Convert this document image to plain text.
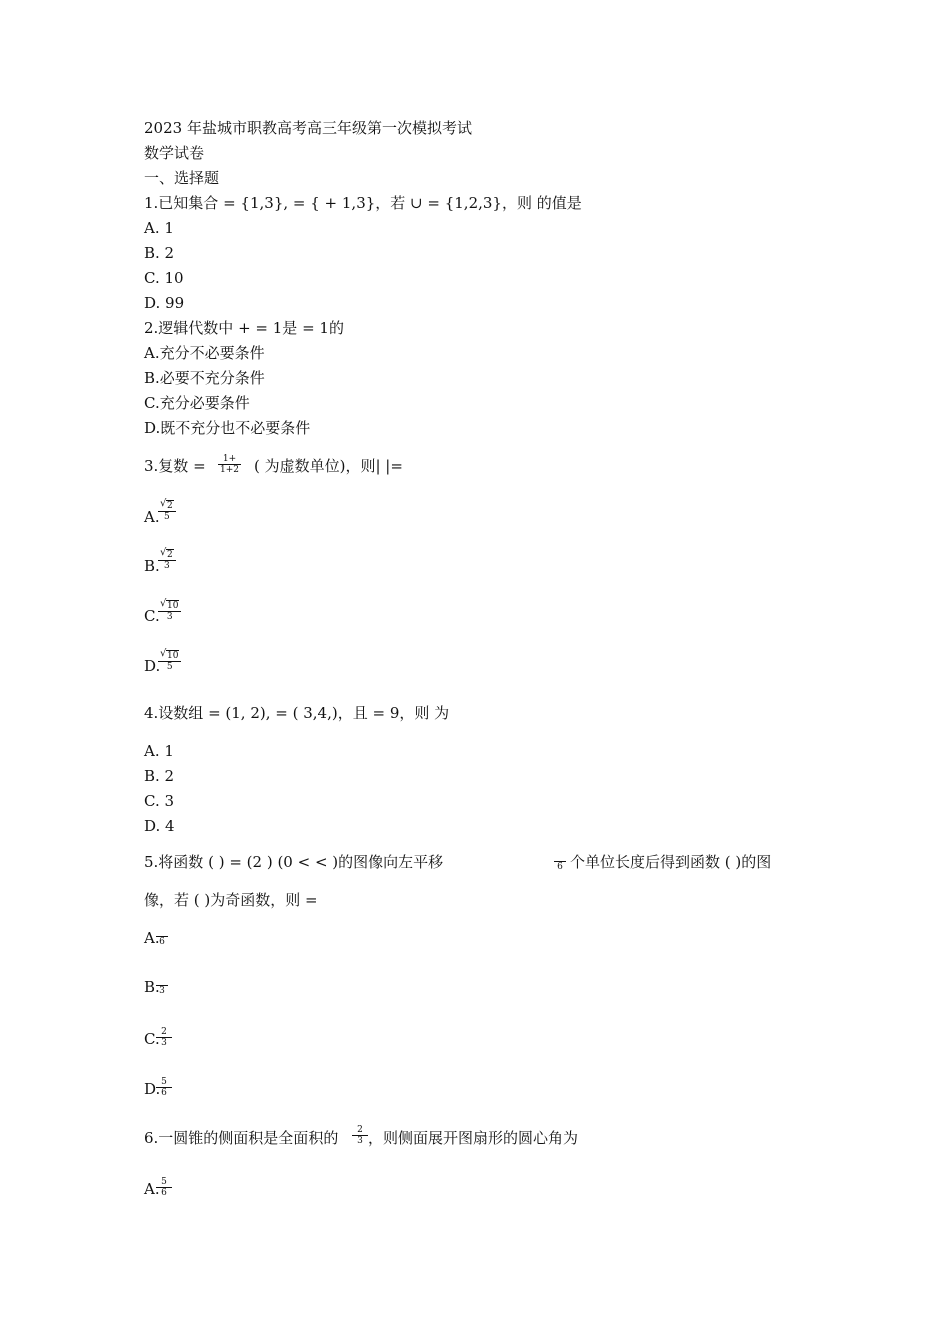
2023 年盐城市职教高考高三年级第一次模拟考试
数学试卷
一、选择题
1.已知集合 = {1,3}, = { + 1,3}，若 ∪ = {1,2,3}，则 的值是
A. 1
B. 2
C. 10
D. 99
2.逻辑代数中 + = 1是 = 1的
A.充分不必要条件
B.必要不充分条件
C.充分必要条件
D.既不充分也不必要条件
3.复数 = $\frac{1+}{1+2}$ ( 为虚数单位)，则| |=
A.
√ $\frac{2}{5}$
B.
√ $\frac{2}{3}$
C.
√ $\frac{10}{3}$
D.
√ $\frac{10}{5}$
4.设数组 = (1, 2), = ( 3,4,)，且 = 9，则 为
A. 1
B. 2
C. 3
D. 4
5.将函数 ( ) = (2 ) (0 < < )的图像向左平移	6 个单位长度后得到函数 ( )的图
像，若 ( )为奇函数，则 =
A. 6
B. 3
C.
$\frac{2}{3}$
D.
$\frac{5}{6}$
6.一圆锥的侧面积是全面积的 $\frac{2}{3}$ ，则侧面展开图扇形的圆心角为
A.
$\frac{5}{6}$
